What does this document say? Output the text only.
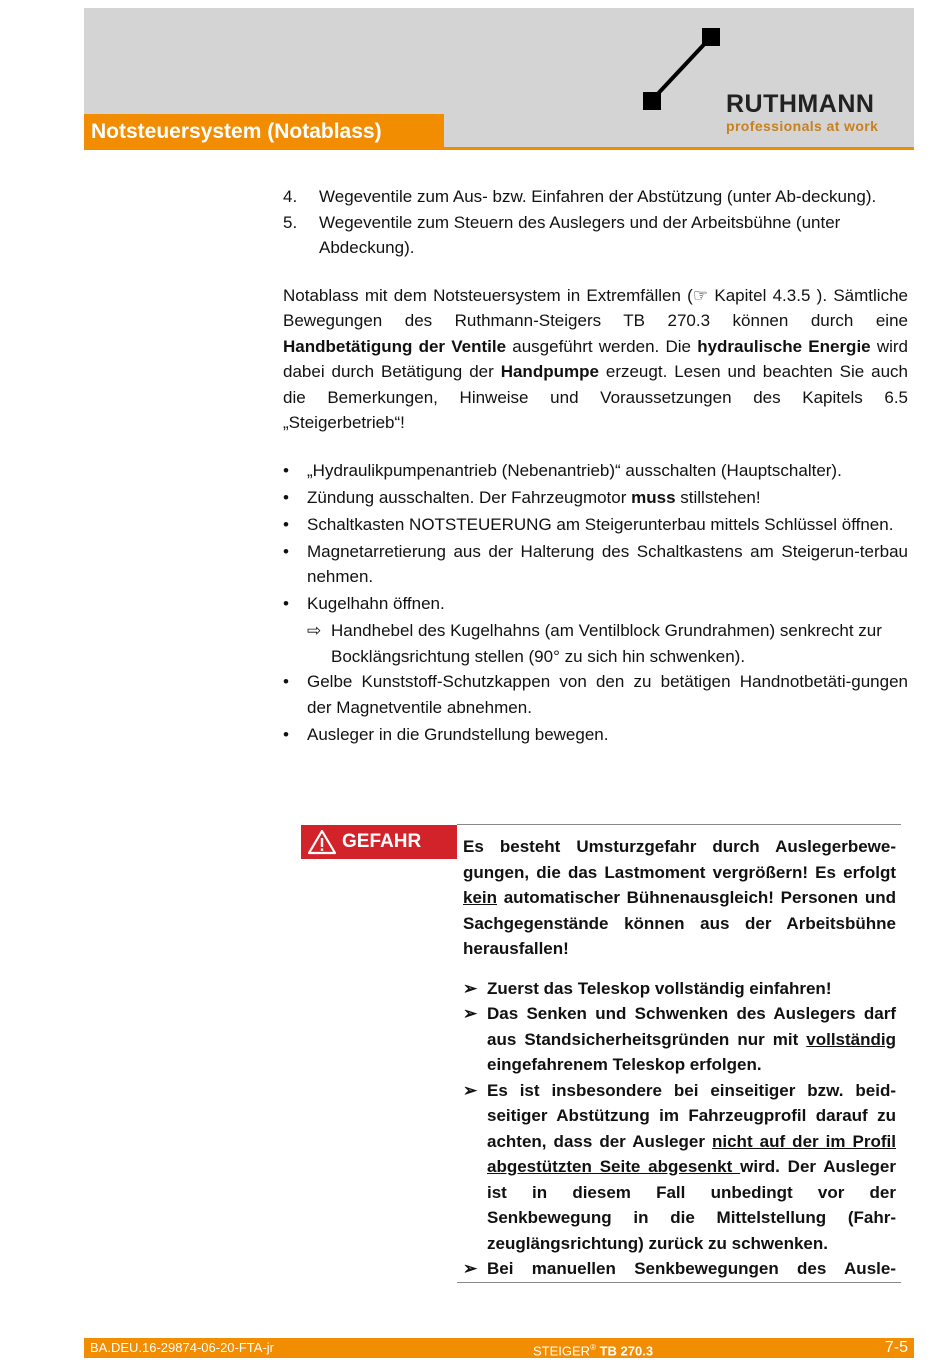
RUTHMANN
professionals at work
Notsteuersystem (Notablass)
4.	Wegeventile zum Aus- bzw. Einfahren der Abstützung (unter Ab-deckung).
5.	Wegeventile zum Steuern des Auslegers und der Arbeitsbühne (unter Abdeckung).

Notablass mit dem Notsteuersystem in Extremfällen (☞ Kapitel 4.3.5 ). Sämtliche Bewegungen des Ruthmann-Steigers TB 270.3 können durch eine Handbetätigung der Ventile ausgeführt werden. Die hydraulische Energie wird dabei durch Betätigung der Handpumpe erzeugt. Lesen und beachten Sie auch die Bemerkungen, Hinweise und Voraussetzungen des Kapitels 6.5 „Steigerbetrieb“!

•	„Hydraulikpumpenantrieb (Nebenantrieb)“ ausschalten (Hauptschalter).
•	Zündung ausschalten. Der Fahrzeugmotor muss stillstehen!
•	Schaltkasten NOTSTEUERUNG am Steigerunterbau mittels Schlüssel öffnen.
•	Magnetarretierung aus der Halterung des Schaltkastens am Steigerun-terbau nehmen.
•	Kugelhahn öffnen.
⇨ Handhebel des Kugelhahns (am Ventilblock Grundrahmen) senkrecht zur Bocklängsrichtung stellen (90° zu sich hin schwenken).
•	Gelbe Kunststoff-Schutzkappen von den zu betätigen Handnotbetäti-gungen der Magnetventile abnehmen.
•	Ausleger in die Grundstellung bewegen.
GEFAHR Es besteht Umsturzgefahr durch Auslegerbewe-gungen, die das Lastmoment vergrößern! Es erfolgt kein automatischer Bühnenausgleich! Personen und Sachgegenstände können aus der Arbeitsbühne herausfallen!

➢ Zuerst das Teleskop vollständig einfahren!
➢ Das Senken und Schwenken des Auslegers darf aus Standsicherheitsgründen nur mit vollständig eingefahrenem Teleskop erfolgen.
➢ Es ist insbesondere bei einseitiger bzw. beid-seitiger Abstützung im Fahrzeugprofil darauf zu achten, dass der Ausleger nicht auf der im Profil abgestützten Seite abgesenkt wird. Der Ausleger ist in diesem Fall unbedingt vor der Senkbewegung in die Mittelstellung (Fahr-zeuglängsrichtung) zurück zu schwenken.
➢ Bei manuellen Senkbewegungen des Ausle-
BA.DEU.16-29874-06-20-FTA-jr	STEIGER® TB 270.3	7-5
